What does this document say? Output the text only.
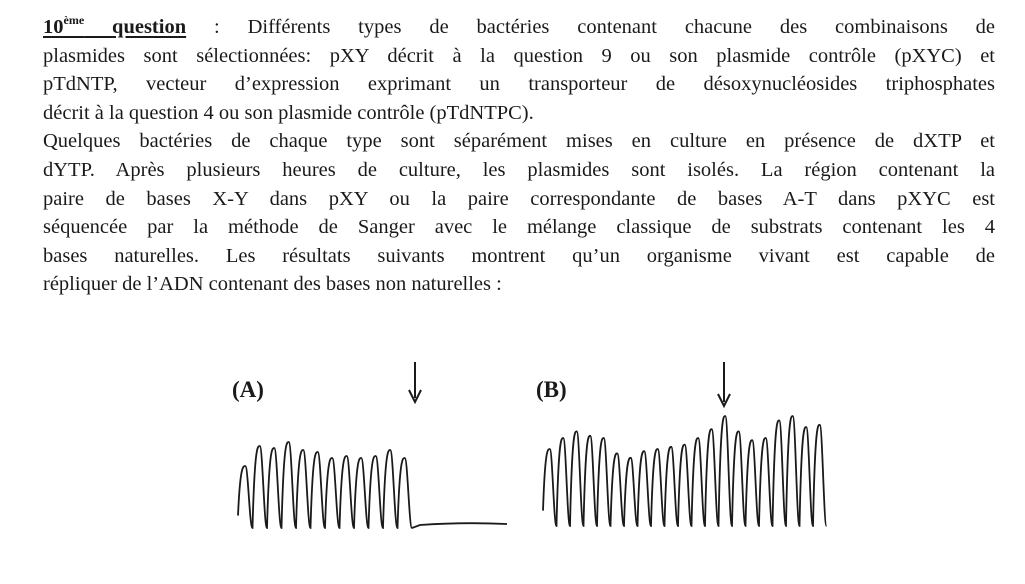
10ème question : Différents types de bactéries contenant chacune des combinaisons de
plasmides sont sélectionnées: pXY décrit à la question 9 ou son plasmide contrôle (pXYC) et
pTdNTP, vecteur d’expression exprimant un transporteur de désoxynucléosides triphosphates
décrit à la question 4 ou son plasmide contrôle (pTdNTPC).
Quelques bactéries de chaque type sont séparément mises en culture en présence de dXTP et
dYTP. Après plusieurs heures de culture, les plasmides sont isolés. La région contenant la
paire de bases X-Y dans pXY ou la paire correspondante de bases A-T dans pXYC est
séquencée par la méthode de Sanger avec le mélange classique de substrats contenant les 4
bases naturelles. Les résultats suivants montrent qu’un organisme vivant est capable de
répliquer de l’ADN contenant des bases non naturelles :
(A)	(B)
